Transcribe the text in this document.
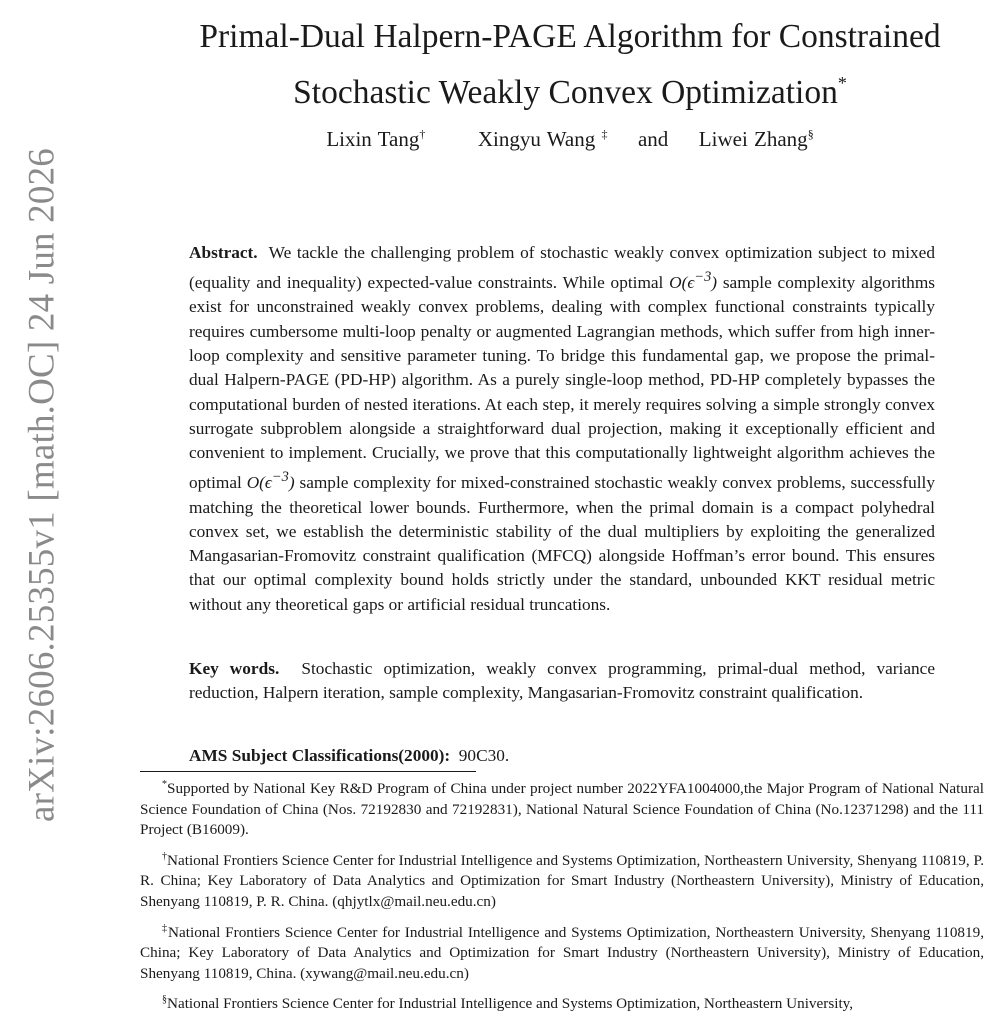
arXiv:2606.25355v1 [math.OC] 24 Jun 2026
Primal-Dual Halpern-PAGE Algorithm for Constrained
Stochastic Weakly Convex Optimization*
Lixin Tang†	Xingyu Wang ‡ and Liwei Zhang§
Abstract. We tackle the challenging problem of stochastic weakly convex optimization subject to mixed (equality and inequality) expected-value constraints. While optimal $O(\epsilon^{-3})$ sample complexity algorithms exist for unconstrained weakly convex problems, dealing with complex functional constraints typically requires cumbersome multi-loop penalty or augmented Lagrangian methods, which suffer from high inner-loop complexity and sensitive parameter tuning. To bridge this fundamental gap, we propose the primal-dual Halpern-PAGE (PD-HP) algorithm. As a purely single-loop method, PD-HP completely bypasses the computational burden of nested iterations. At each step, it merely requires solving a simple strongly convex surrogate subproblem alongside a straightforward dual projection, making it exceptionally efficient and convenient to implement. Crucially, we prove that this computationally lightweight algorithm achieves the optimal $O(\epsilon^{-3})$ sample complexity for mixed-constrained stochastic weakly convex problems, successfully matching the theoretical lower bounds. Furthermore, when the primal domain is a compact polyhedral convex set, we establish the deterministic stability of the dual multipliers by exploiting the generalized Mangasarian-Fromovitz constraint qualification (MFCQ) alongside Hoffman’s error bound. This ensures that our optimal complexity bound holds strictly under the standard, unbounded KKT residual metric without any theoretical gaps or artificial residual truncations.
Key words. Stochastic optimization, weakly convex programming, primal-dual method, variance reduction, Halpern iteration, sample complexity, Mangasarian-Fromovitz constraint qualification.
AMS Subject Classifications(2000): 90C30.

*Supported by National Key R&D Program of China under project number 2022YFA1004000,the Major Program of National Natural Science Foundation of China (Nos. 72192830 and 72192831), National Natural Science Foundation of China (No.12371298) and the 111 Project (B16009).

†National Frontiers Science Center for Industrial Intelligence and Systems Optimization, Northeastern University, Shenyang 110819, P. R. China; Key Laboratory of Data Analytics and Optimization for Smart Industry (Northeastern University), Ministry of Education, Shenyang 110819, P. R. China. (qhjytlx@mail.neu.edu.cn)

‡National Frontiers Science Center for Industrial Intelligence and Systems Optimization, Northeastern University, Shenyang 110819, China; Key Laboratory of Data Analytics and Optimization for Smart Industry (Northeastern University), Ministry of Education, Shenyang 110819, China. (xywang@mail.neu.edu.cn)

§National Frontiers Science Center for Industrial Intelligence and Systems Optimization, Northeastern University,
